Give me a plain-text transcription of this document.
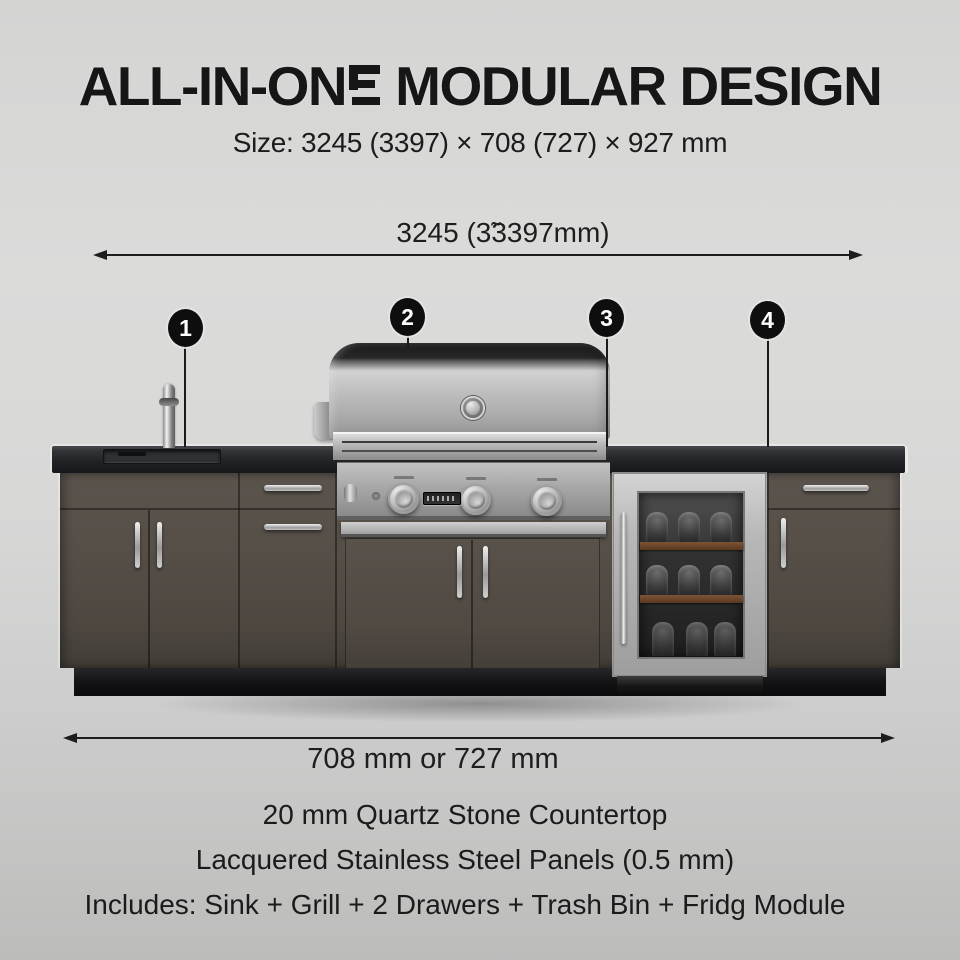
ALL-IN-ON MODULAR DESIGN
Size: 3245 (3397) × 708 (727) × 927 mm
3245 (3̃3397mm)
1	2	3	4
708 mm or 727 mm
20 mm Quartz Stone Countertop
Lacquered Stainless Steel Panels (0.5 mm)
Includes: Sink + Grill + 2 Drawers + Trash Bin + Fridg Module
